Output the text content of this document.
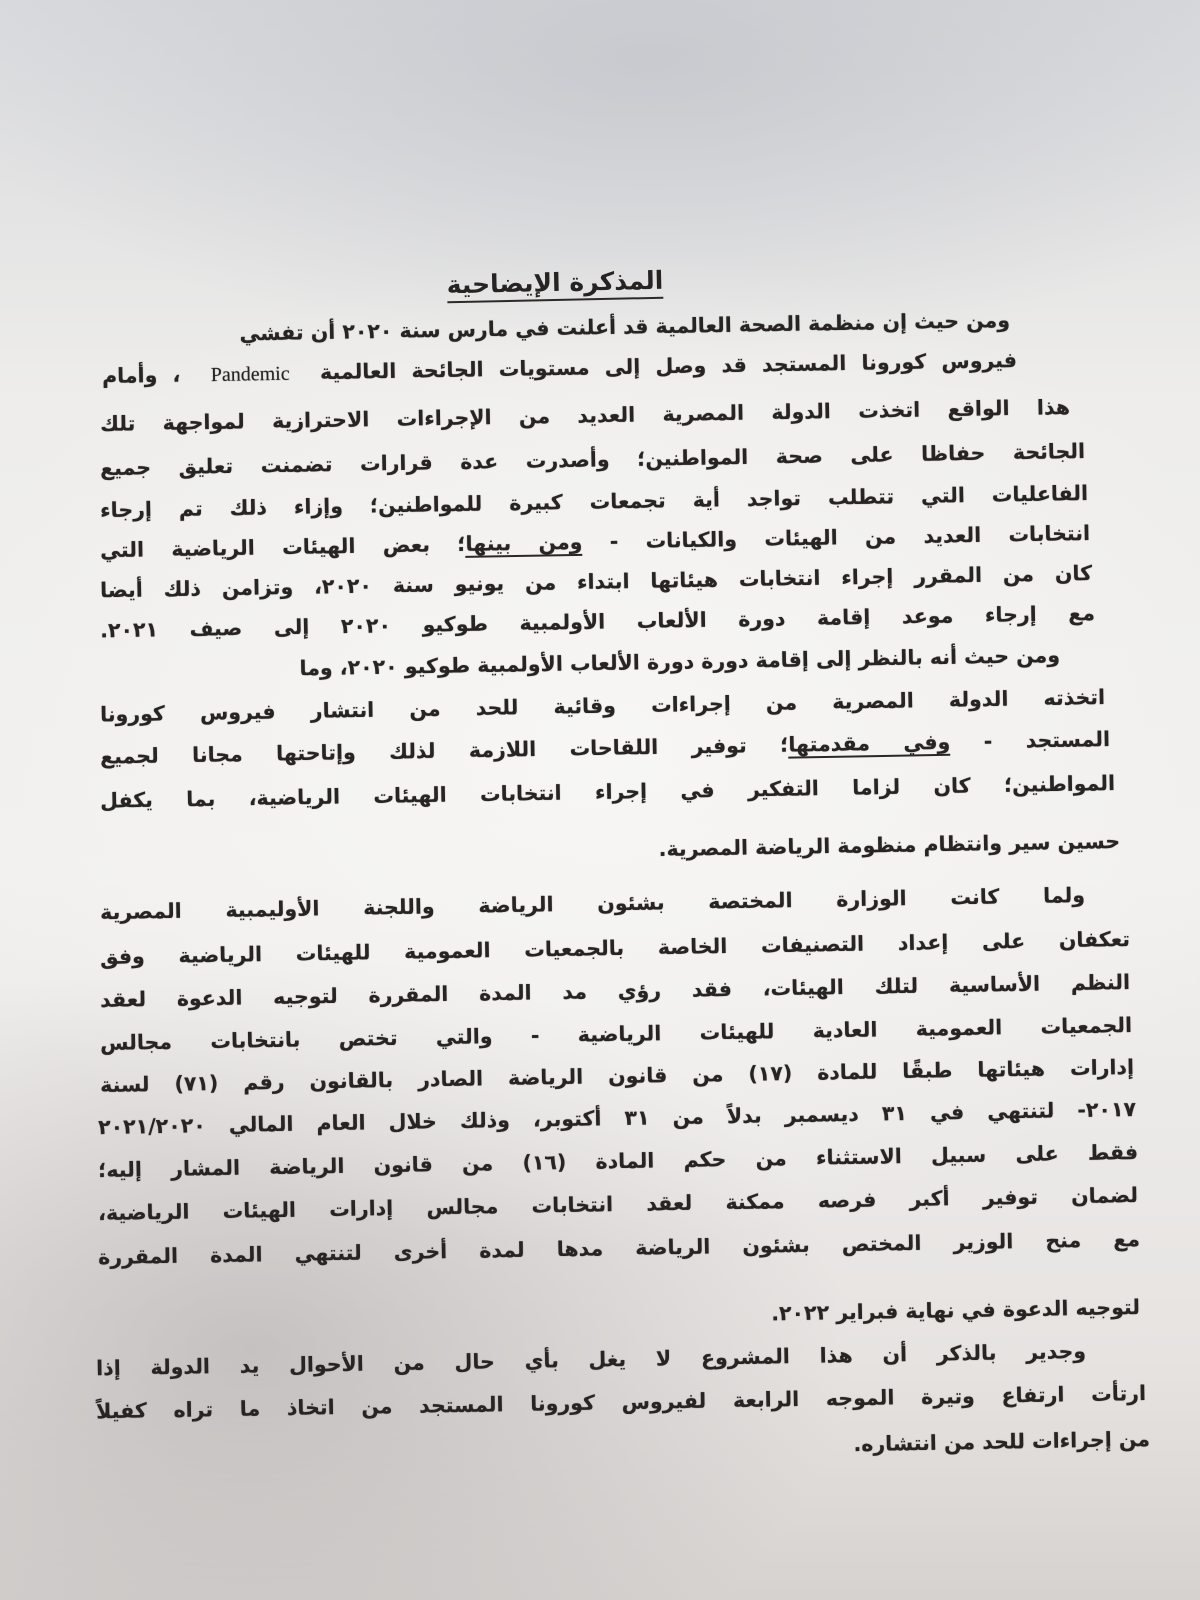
المذكرة الإيضاحية
ومن حيث إن منظمة الصحة العالمية قد أعلنت في مارس سنة ٢٠٢٠ أن تفشي
فيروس كورونا المستجد قد وصل إلى مستويات الجائحة العالمية  Pandemic  ، وأمام
هذا الواقع اتخذت الدولة المصرية العديد من الإجراءات الاحترازية لمواجهة تلك
الجائحة حفاظا على صحة المواطنين؛ وأصدرت عدة قرارات تضمنت تعليق جميع
الفاعليات التي تتطلب تواجد أية تجمعات كبيرة للمواطنين؛ وإزاء ذلك تم إرجاء
انتخابات العديد من الهيئات والكيانات - ومن بينها؛ بعض الهيئات الرياضية التي
كان من المقرر إجراء انتخابات هيئاتها ابتداء من يونيو سنة ٢٠٢٠، وتزامن ذلك أيضا
مع إرجاء موعد إقامة دورة الألعاب الأولمبية طوكيو ٢٠٢٠ إلى صيف ٢٠٢١.
ومن حيث أنه بالنظر إلى إقامة دورة دورة الألعاب الأولمبية طوكيو ٢٠٢٠، وما
اتخذته الدولة المصرية من إجراءات وقائية للحد من انتشار فيروس كورونا
المستجد - وفي مقدمتها؛ توفير اللقاحات اللازمة لذلك وإتاحتها مجانا لجميع
المواطنين؛ كان لزاما التفكير في إجراء انتخابات الهيئات الرياضية، بما يكفل
حسين سير وانتظام منظومة الرياضة المصرية.
ولما كانت الوزارة المختصة بشئون الرياضة واللجنة الأوليمبية المصرية
تعكفان على إعداد التصنيفات الخاصة بالجمعيات العمومية للهيئات الرياضية وفق
النظم الأساسية لتلك الهيئات، فقد رؤي مد المدة المقررة لتوجيه الدعوة لعقد
الجمعيات العمومية العادية للهيئات الرياضية - والتي تختص بانتخابات مجالس
إدارات هيئاتها طبقًا للمادة (١٧) من قانون الرياضة الصادر بالقانون رقم (٧١) لسنة
٢٠١٧- لتنتهي في ٣١ ديسمبر بدلاً من ٣١ أكتوبر، وذلك خلال العام المالي ٢٠٢١/٢٠٢٠
فقط على سبيل الاستثناء من حكم المادة (١٦) من قانون الرياضة المشار إليه؛
لضمان توفير أكبر فرصه ممكنة لعقد انتخابات مجالس إدارات الهيئات الرياضية،
مع منح الوزير المختص بشئون الرياضة مدها لمدة أخرى لتنتهي المدة المقررة
لتوجيه الدعوة في نهاية فبراير ٢٠٢٢.
وجدير بالذكر أن هذا المشروع لا يغل بأي حال من الأحوال يد الدولة إذا
ارتأت ارتفاع وتيرة الموجه الرابعة لفيروس كورونا المستجد من اتخاذ ما تراه كفيلاً
من إجراءات للحد من انتشاره.
